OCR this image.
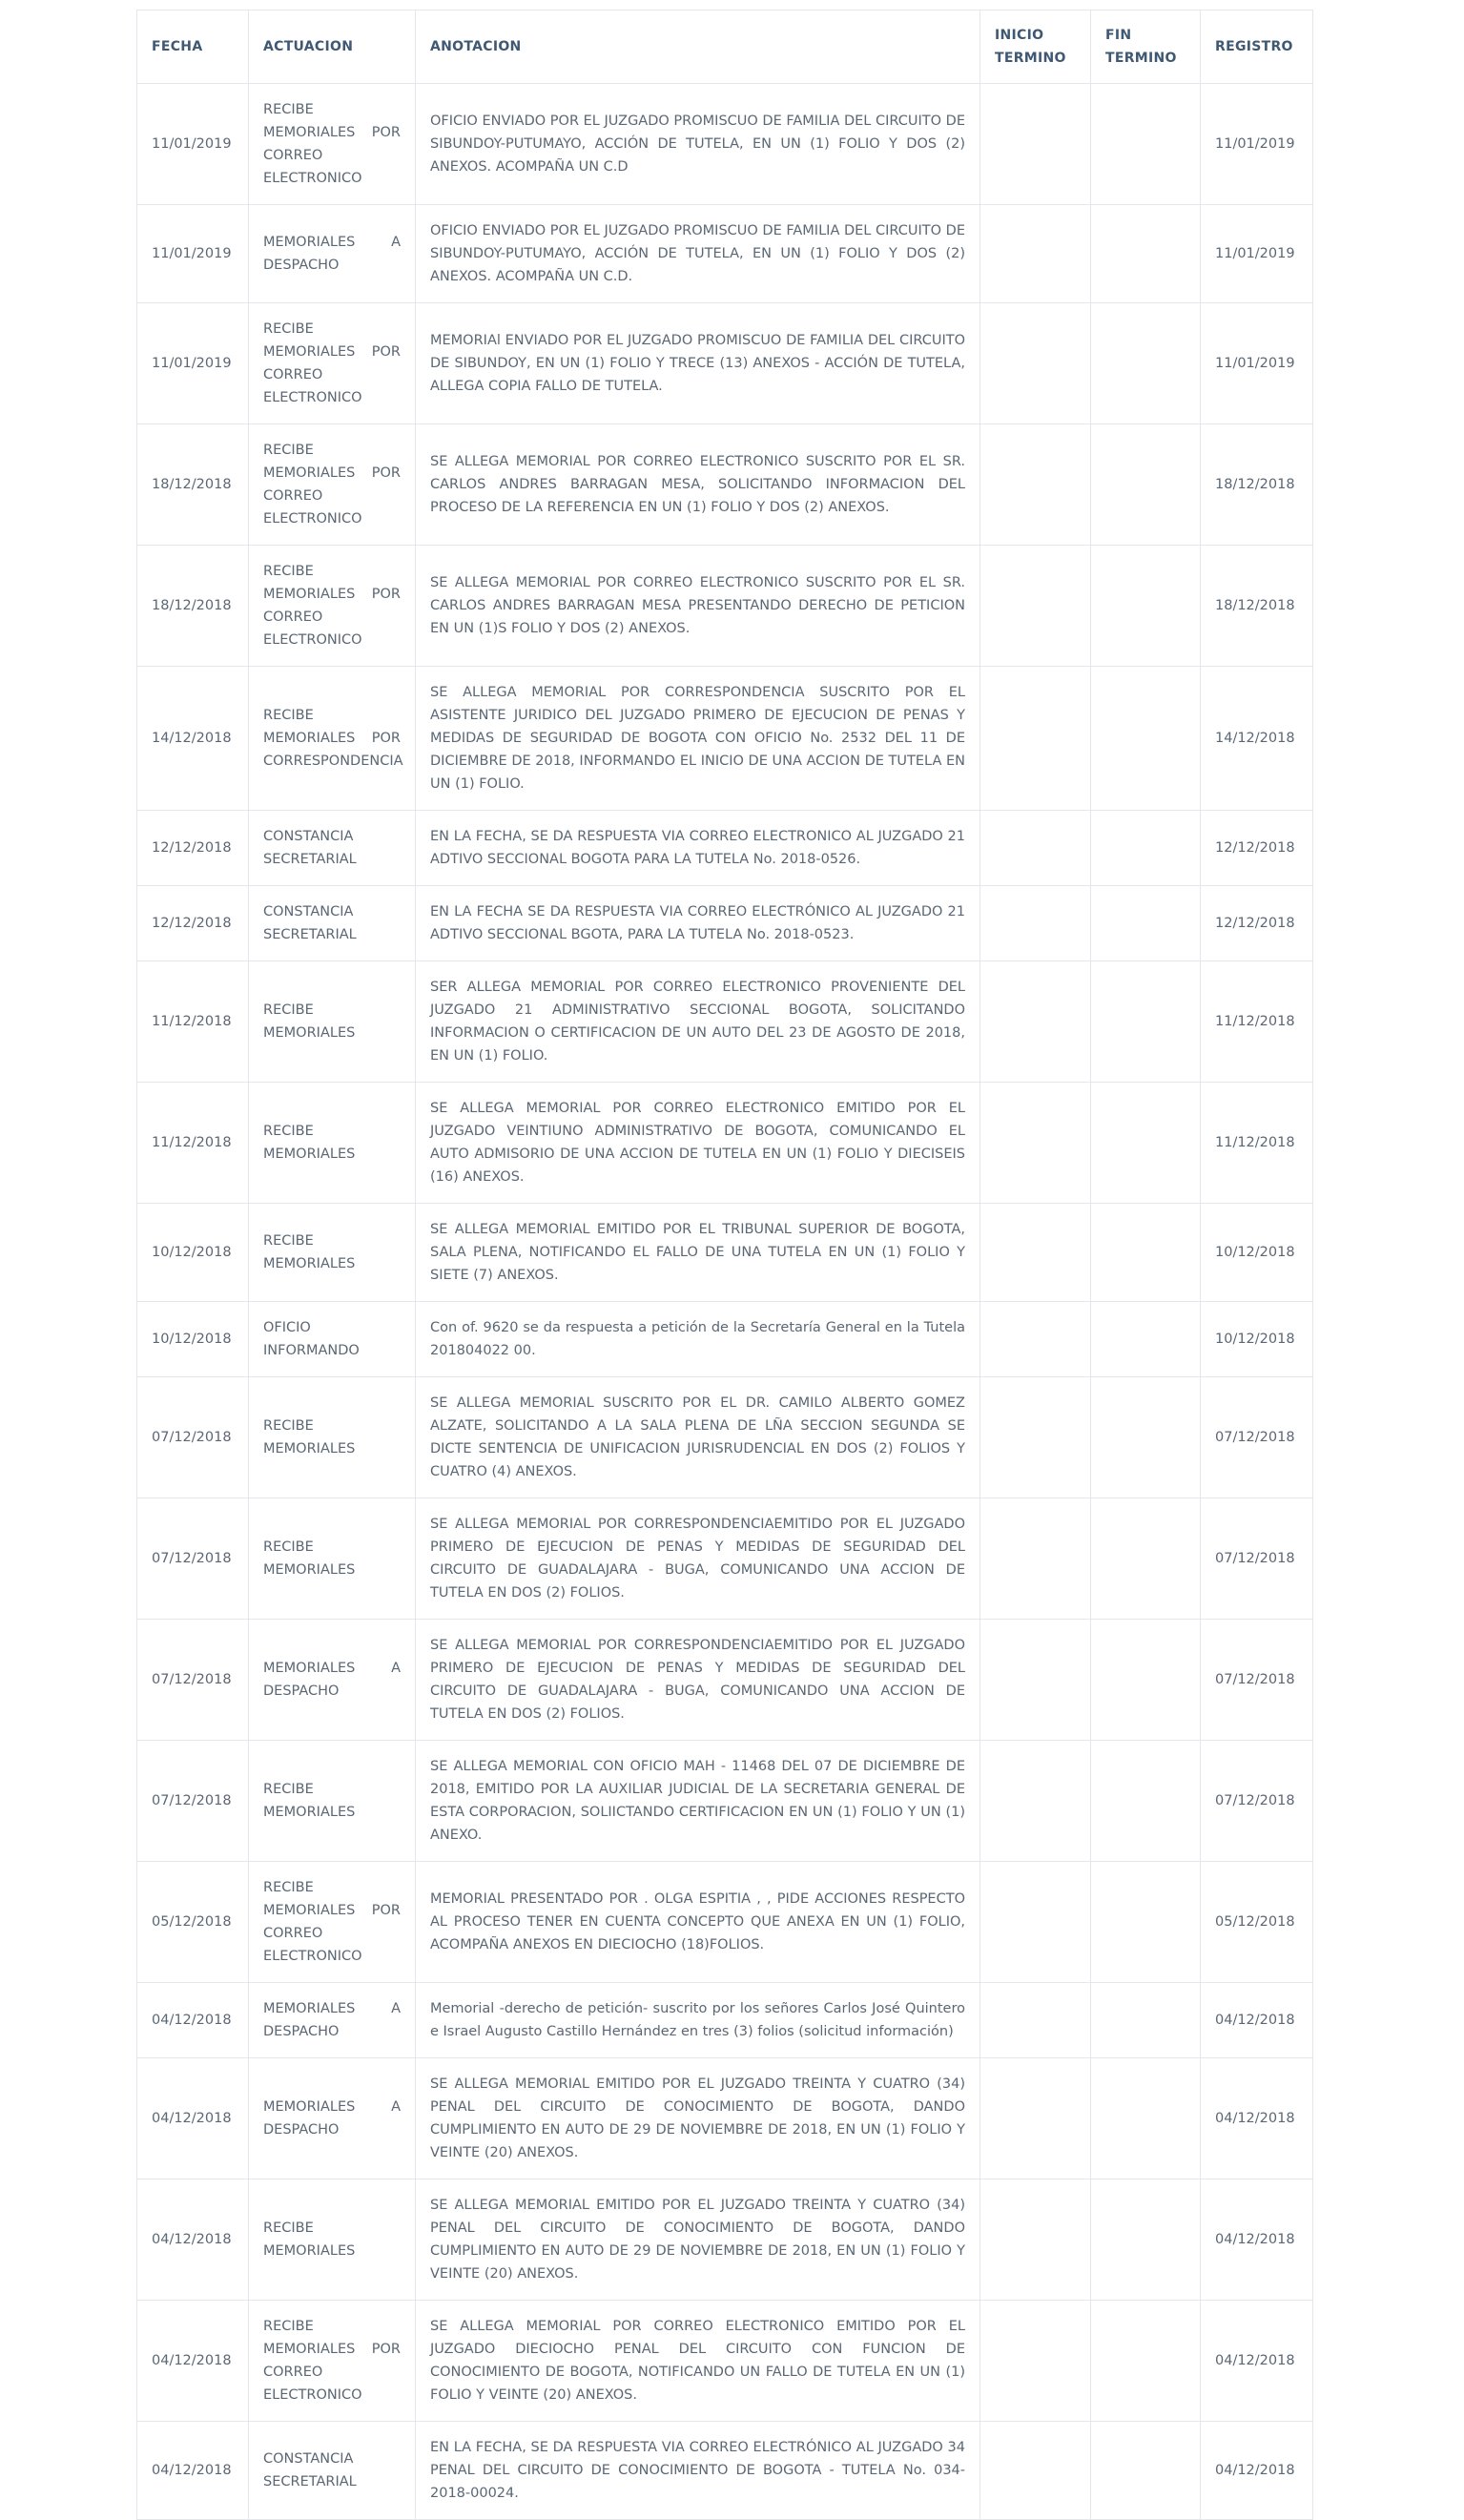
FECHA	ACTUACION	ANOTACION	INICIO TERMINO	FIN TERMINO	REGISTRO
11/01/2019	RECIBE MEMORIALES POR CORREO ELECTRONICO	OFICIO ENVIADO POR EL JUZGADO PROMISCUO DE FAMILIA DEL CIRCUITO DE SIBUNDOY-PUTUMAYO, ACCIÓN DE TUTELA, EN UN (1) FOLIO Y DOS (2) ANEXOS. ACOMPAÑA UN C.D			11/01/2019
11/01/2019	MEMORIALES A DESPACHO	OFICIO ENVIADO POR EL JUZGADO PROMISCUO DE FAMILIA DEL CIRCUITO DE SIBUNDOY-PUTUMAYO, ACCIÓN DE TUTELA, EN UN (1) FOLIO Y DOS (2) ANEXOS. ACOMPAÑA UN C.D.			11/01/2019
11/01/2019	RECIBE MEMORIALES POR CORREO ELECTRONICO	MEMORIAl ENVIADO POR EL JUZGADO PROMISCUO DE FAMILIA DEL CIRCUITO DE SIBUNDOY, EN UN (1) FOLIO Y TRECE (13) ANEXOS - ACCIÓN DE TUTELA, ALLEGA COPIA FALLO DE TUTELA.			11/01/2019
18/12/2018	RECIBE MEMORIALES POR CORREO ELECTRONICO	SE ALLEGA MEMORIAL POR CORREO ELECTRONICO SUSCRITO POR EL SR. CARLOS ANDRES BARRAGAN MESA, SOLICITANDO INFORMACION DEL PROCESO DE LA REFERENCIA EN UN (1) FOLIO Y DOS (2) ANEXOS.			18/12/2018
18/12/2018	RECIBE MEMORIALES POR CORREO ELECTRONICO	SE ALLEGA MEMORIAL POR CORREO ELECTRONICO SUSCRITO POR EL SR. CARLOS ANDRES BARRAGAN MESA PRESENTANDO DERECHO DE PETICION EN UN (1)S FOLIO Y DOS (2) ANEXOS.			18/12/2018
14/12/2018	RECIBE MEMORIALES POR CORRESPONDENCIA	SE ALLEGA MEMORIAL POR CORRESPONDENCIA SUSCRITO POR EL ASISTENTE JURIDICO DEL JUZGADO PRIMERO DE EJECUCION DE PENAS Y MEDIDAS DE SEGURIDAD DE BOGOTA CON OFICIO No. 2532 DEL 11 DE DICIEMBRE DE 2018, INFORMANDO EL INICIO DE UNA ACCION DE TUTELA EN UN (1) FOLIO.			14/12/2018
12/12/2018	CONSTANCIA SECRETARIAL	EN LA FECHA, SE DA RESPUESTA VIA CORREO ELECTRONICO AL JUZGADO 21 ADTIVO SECCIONAL BOGOTA PARA LA TUTELA No. 2018-0526.			12/12/2018
12/12/2018	CONSTANCIA SECRETARIAL	EN LA FECHA SE DA RESPUESTA VIA CORREO ELECTRÓNICO AL JUZGADO 21 ADTIVO SECCIONAL BGOTA, PARA LA TUTELA No. 2018-0523.			12/12/2018
11/12/2018	RECIBE MEMORIALES	SER ALLEGA MEMORIAL POR CORREO ELECTRONICO PROVENIENTE DEL JUZGADO 21 ADMINISTRATIVO SECCIONAL BOGOTA, SOLICITANDO INFORMACION O CERTIFICACION DE UN AUTO DEL 23 DE AGOSTO DE 2018, EN UN (1) FOLIO.			11/12/2018
11/12/2018	RECIBE MEMORIALES	SE ALLEGA MEMORIAL POR CORREO ELECTRONICO EMITIDO POR EL JUZGADO VEINTIUNO ADMINISTRATIVO DE BOGOTA, COMUNICANDO EL AUTO ADMISORIO DE UNA ACCION DE TUTELA EN UN (1) FOLIO Y DIECISEIS (16) ANEXOS.			11/12/2018
10/12/2018	RECIBE MEMORIALES	SE ALLEGA MEMORIAL EMITIDO POR EL TRIBUNAL SUPERIOR DE BOGOTA, SALA PLENA, NOTIFICANDO EL FALLO DE UNA TUTELA EN UN (1) FOLIO Y SIETE (7) ANEXOS.			10/12/2018
10/12/2018	OFICIO INFORMANDO	Con of. 9620 se da respuesta a petición de la Secretaría General en la Tutela 201804022 00.			10/12/2018
07/12/2018	RECIBE MEMORIALES	SE ALLEGA MEMORIAL SUSCRITO POR EL DR. CAMILO ALBERTO GOMEZ ALZATE, SOLICITANDO A LA SALA PLENA DE LÑA SECCION SEGUNDA SE DICTE SENTENCIA DE UNIFICACION JURISRUDENCIAL EN DOS (2) FOLIOS Y CUATRO (4) ANEXOS.			07/12/2018
07/12/2018	RECIBE MEMORIALES	SE ALLEGA MEMORIAL POR CORRESPONDENCIAEMITIDO POR EL JUZGADO PRIMERO DE EJECUCION DE PENAS Y MEDIDAS DE SEGURIDAD DEL CIRCUITO DE GUADALAJARA - BUGA, COMUNICANDO UNA ACCION DE TUTELA EN DOS (2) FOLIOS.			07/12/2018
07/12/2018	MEMORIALES A DESPACHO	SE ALLEGA MEMORIAL POR CORRESPONDENCIAEMITIDO POR EL JUZGADO PRIMERO DE EJECUCION DE PENAS Y MEDIDAS DE SEGURIDAD DEL CIRCUITO DE GUADALAJARA - BUGA, COMUNICANDO UNA ACCION DE TUTELA EN DOS (2) FOLIOS.			07/12/2018
07/12/2018	RECIBE MEMORIALES	SE ALLEGA MEMORIAL CON OFICIO MAH - 11468 DEL 07 DE DICIEMBRE DE 2018, EMITIDO POR LA AUXILIAR JUDICIAL DE LA SECRETARIA GENERAL DE ESTA CORPORACION, SOLIICTANDO CERTIFICACION EN UN (1) FOLIO Y UN (1) ANEXO.			07/12/2018
05/12/2018	RECIBE MEMORIALES POR CORREO ELECTRONICO	MEMORIAL PRESENTADO POR . OLGA ESPITIA , , PIDE ACCIONES RESPECTO AL PROCESO TENER EN CUENTA CONCEPTO QUE ANEXA EN UN (1) FOLIO, ACOMPAÑA ANEXOS EN DIECIOCHO (18)FOLIOS.			05/12/2018
04/12/2018	MEMORIALES A DESPACHO	Memorial -derecho de petición- suscrito por los señores Carlos José Quintero e Israel Augusto Castillo Hernández en tres (3) folios (solicitud información)			04/12/2018
04/12/2018	MEMORIALES A DESPACHO	SE ALLEGA MEMORIAL EMITIDO POR EL JUZGADO TREINTA Y CUATRO (34) PENAL DEL CIRCUITO DE CONOCIMIENTO DE BOGOTA, DANDO CUMPLIMIENTO EN AUTO DE 29 DE NOVIEMBRE DE 2018, EN UN (1) FOLIO Y VEINTE (20) ANEXOS.			04/12/2018
04/12/2018	RECIBE MEMORIALES	SE ALLEGA MEMORIAL EMITIDO POR EL JUZGADO TREINTA Y CUATRO (34) PENAL DEL CIRCUITO DE CONOCIMIENTO DE BOGOTA, DANDO CUMPLIMIENTO EN AUTO DE 29 DE NOVIEMBRE DE 2018, EN UN (1) FOLIO Y VEINTE (20) ANEXOS.			04/12/2018
04/12/2018	RECIBE MEMORIALES POR CORREO ELECTRONICO	SE ALLEGA MEMORIAL POR CORREO ELECTRONICO EMITIDO POR EL JUZGADO DIECIOCHO PENAL DEL CIRCUITO CON FUNCION DE CONOCIMIENTO DE BOGOTA, NOTIFICANDO UN FALLO DE TUTELA EN UN (1) FOLIO Y VEINTE (20) ANEXOS.			04/12/2018
04/12/2018	CONSTANCIA SECRETARIAL	EN LA FECHA, SE DA RESPUESTA VIA CORREO ELECTRÓNICO AL JUZGADO 34 PENAL DEL CIRCUITO DE CONOCIMIENTO DE BOGOTA - TUTELA No. 034-2018-00024.			04/12/2018
